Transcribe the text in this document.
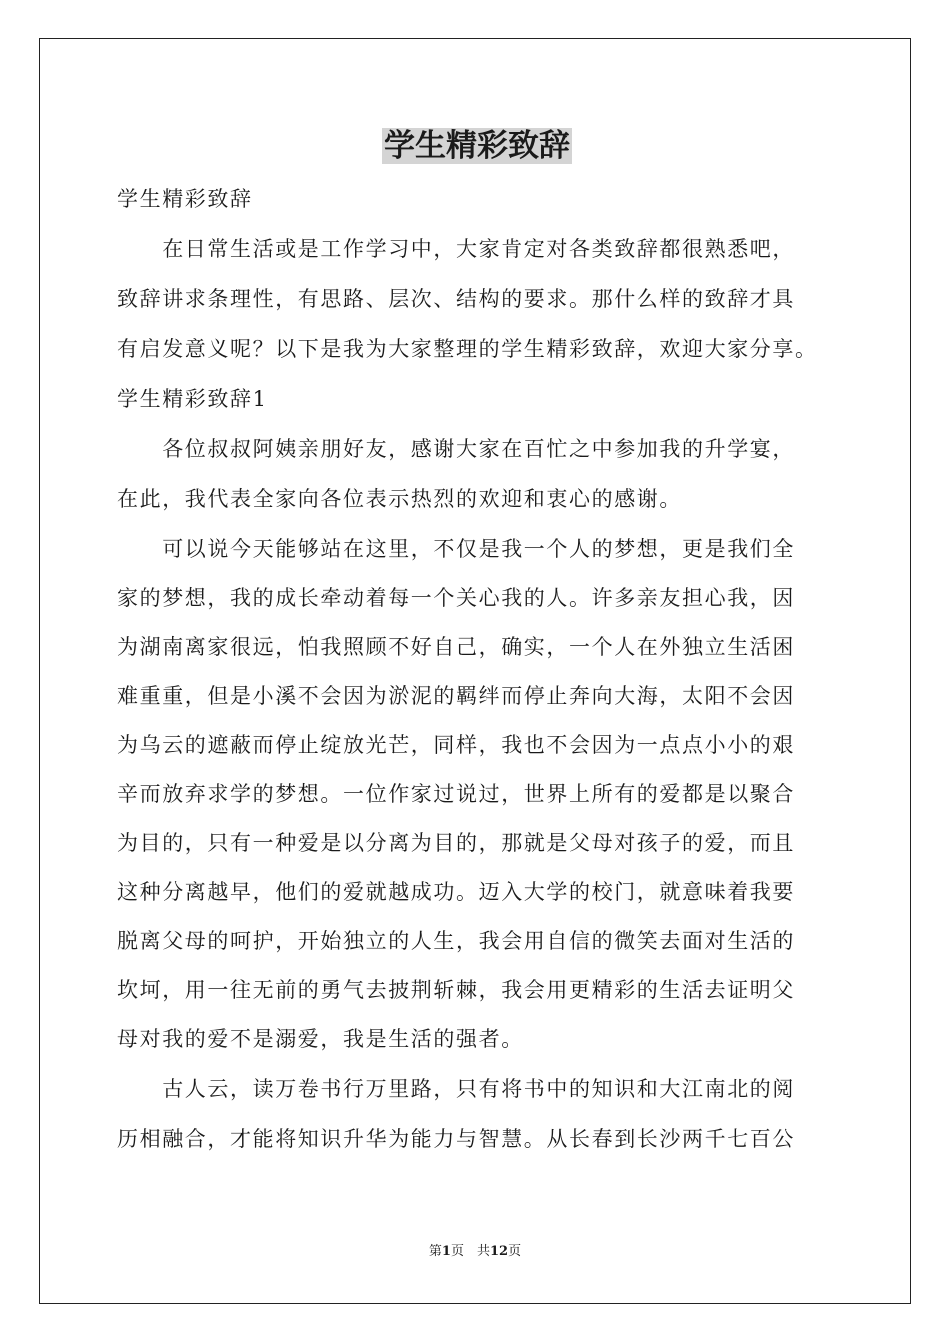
学生精彩致辞
学生精彩致辞
　　在日常生活或是工作学习中，大家肯定对各类致辞都很熟悉吧，
致辞讲求条理性，有思路、层次、结构的要求。那什么样的致辞才具
有启发意义呢？以下是我为大家整理的学生精彩致辞，欢迎大家分享。
学生精彩致辞1
　　各位叔叔阿姨亲朋好友，感谢大家在百忙之中参加我的升学宴，
在此，我代表全家向各位表示热烈的欢迎和衷心的感谢。
　　可以说今天能够站在这里，不仅是我一个人的梦想，更是我们全
家的梦想，我的成长牵动着每一个关心我的人。许多亲友担心我，因
为湖南离家很远，怕我照顾不好自己，确实，一个人在外独立生活困
难重重，但是小溪不会因为淤泥的羁绊而停止奔向大海，太阳不会因
为乌云的遮蔽而停止绽放光芒，同样，我也不会因为一点点小小的艰
辛而放弃求学的梦想。一位作家过说过，世界上所有的爱都是以聚合
为目的，只有一种爱是以分离为目的，那就是父母对孩子的爱，而且
这种分离越早，他们的爱就越成功。迈入大学的校门，就意味着我要
脱离父母的呵护，开始独立的人生，我会用自信的微笑去面对生活的
坎坷，用一往无前的勇气去披荆斩棘，我会用更精彩的生活去证明父
母对我的爱不是溺爱，我是生活的强者。
　　古人云，读万卷书行万里路，只有将书中的知识和大江南北的阅
历相融合，才能将知识升华为能力与智慧。从长春到长沙两千七百公
第1页　共12页
